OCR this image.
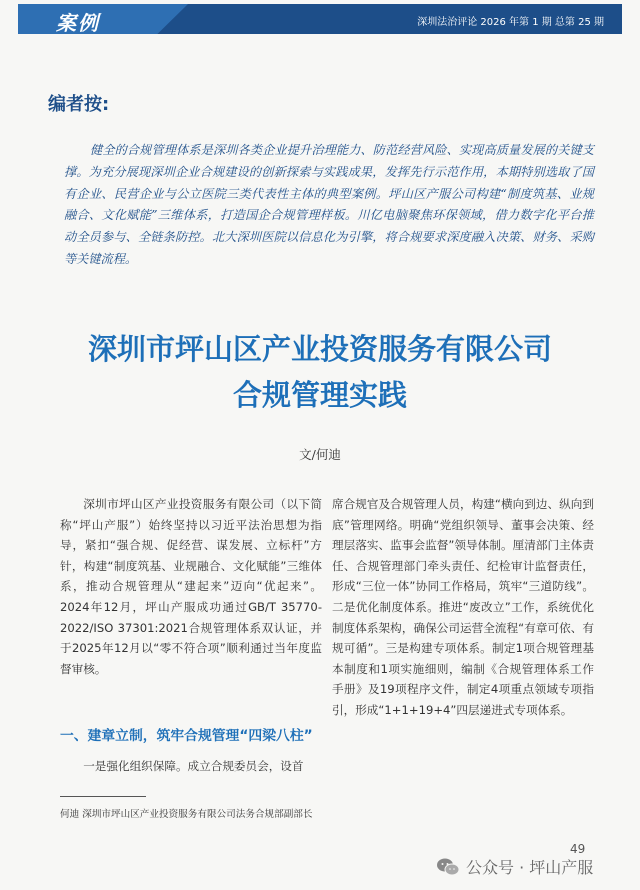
案例	深圳法治评论 2026 年第 1 期 总第 25 期
编者按:
健全的合规管理体系是深圳各类企业提升治理能力、防范经营风险、实现高质量发展的关键支撑。为充分展现深圳企业合规建设的创新探索与实践成果，发挥先行示范作用，本期特别选取了国有企业、民营企业与公立医院三类代表性主体的典型案例。坪山区产服公司构建“制度筑基、业规融合、文化赋能”三维体系，打造国企合规管理样板。川亿电脑聚焦环保领域，借力数字化平台推动全员参与、全链条防控。北大深圳医院以信息化为引擎，将合规要求深度融入决策、财务、采购等关键流程。
深圳市坪山区产业投资服务有限公司
合规管理实践
文/何迪

深圳市坪山区产业投资服务有限公司（以下简称“坪山产服”）始终坚持以习近平法治思想为指导，紧扣“强合规、促经营、谋发展、立标杆”方针，构建“制度筑基、业规融合、文化赋能”三维体系，推动合规管理从“建起来”迈向“优起来”。2024年12月，坪山产服成功通过GB/T 35770-2022/ISO 37301:2021合规管理体系双认证，并于2025年12月以“零不符合项”顺利通过当年度监督审核。

一、建章立制，筑牢合规管理“四梁八柱”
一是强化组织保障。成立合规委员会，设首

席合规官及合规管理人员，构建“横向到边、纵向到底”管理网络。明确“党组织领导、董事会决策、经理层落实、监事会监督”领导体制。厘清部门主体责任、合规管理部门牵头责任、纪检审计监督责任，形成“三位一体”协同工作格局，筑牢“三道防线”。二是优化制度体系。推进“废改立”工作，系统优化制度体系架构，确保公司运营全流程“有章可依、有规可循”。三是构建专项体系。制定1项合规管理基本制度和1项实施细则，编制《合规管理体系工作手册》及19项程序文件，制定4项重点领域专项指引，形成“1+1+19+4”四层递进式专项体系。

何迪 深圳市坪山区产业投资服务有限公司法务合规部副部长
49
公众号 · 坪山产服
